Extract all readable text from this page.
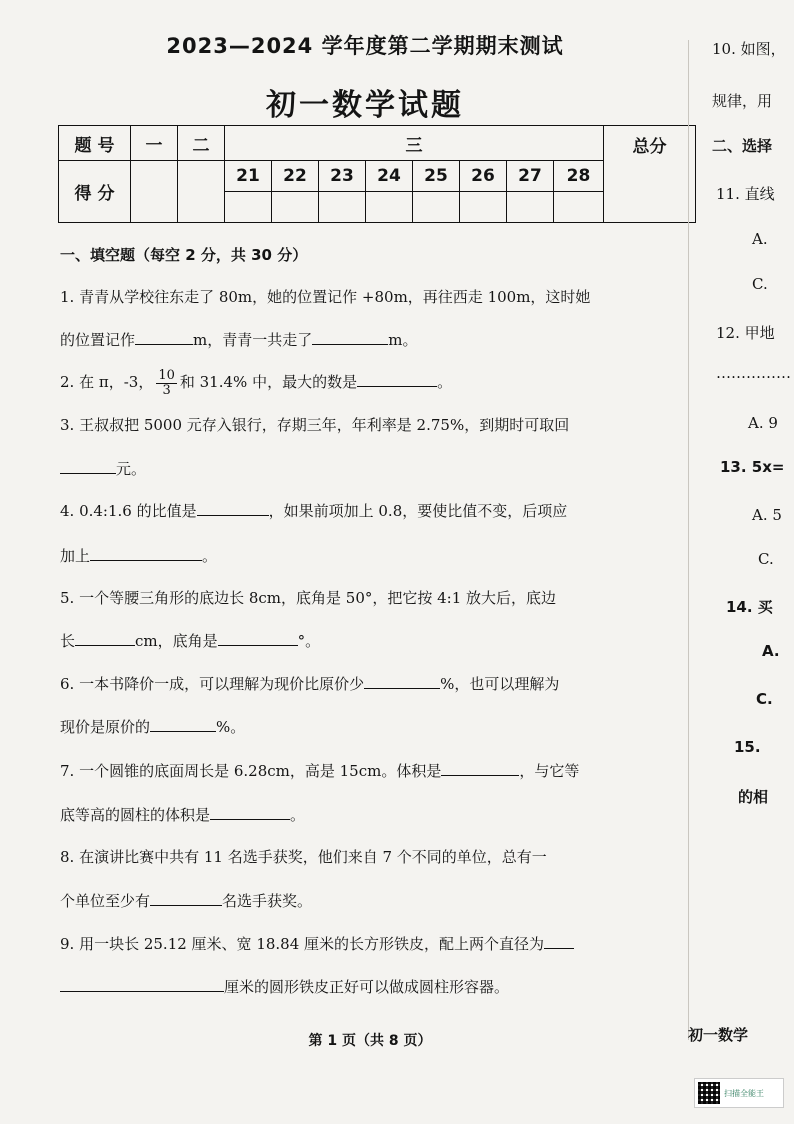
2023—2024 学年度第二学期期末测试
初一数学试题
题 号	一	二	三								总分
得 分			21	22	23	24	25	26	27	28	

一、填空题（每空 2 分，共 30 分）
1. 青青从学校往东走了 80m，她的位置记作 +80m，再往西走 100m，这时她
的位置记作	m，青青一共走了	m。
2. 在 π，-3， $\frac{10}{3}$ 和 31.4% 中，最大的数是	。
3. 王叔叔把 5000 元存入银行，存期三年，年利率是 2.75%，到期时可取回
元。
4. 0.4:1.6 的比值是	，如果前项加上 0.8，要使比值不变，后项应
加上	。
5. 一个等腰三角形的底边长 8cm，底角是 50°，把它按 4:1 放大后，底边
长	cm，底角是	°。
6. 一本书降价一成，可以理解为现价比原价少	%，也可以理解为
现价是原价的	%。
7. 一个圆锥的底面周长是 6.28cm，高是 15cm。体积是	，与它等
底等高的圆柱的体积是	。
8. 在演讲比赛中共有 11 名选手获奖，他们来自 7 个不同的单位，总有一
个单位至少有	名选手获奖。
9. 用一块长 25.12 厘米、宽 18.84 厘米的长方形铁皮，配上两个直径为
厘米的圆形铁皮正好可以做成圆柱形容器。
第 1 页（共 8 页）
10. 如图，
规律，用
二、选择
11. 直线
A.
C.
12. 甲地
……………
A. 9
13. 5x=
A. 5
C.
14. 买
A.
C.
15.
的相
初一数学
扫描全能王
